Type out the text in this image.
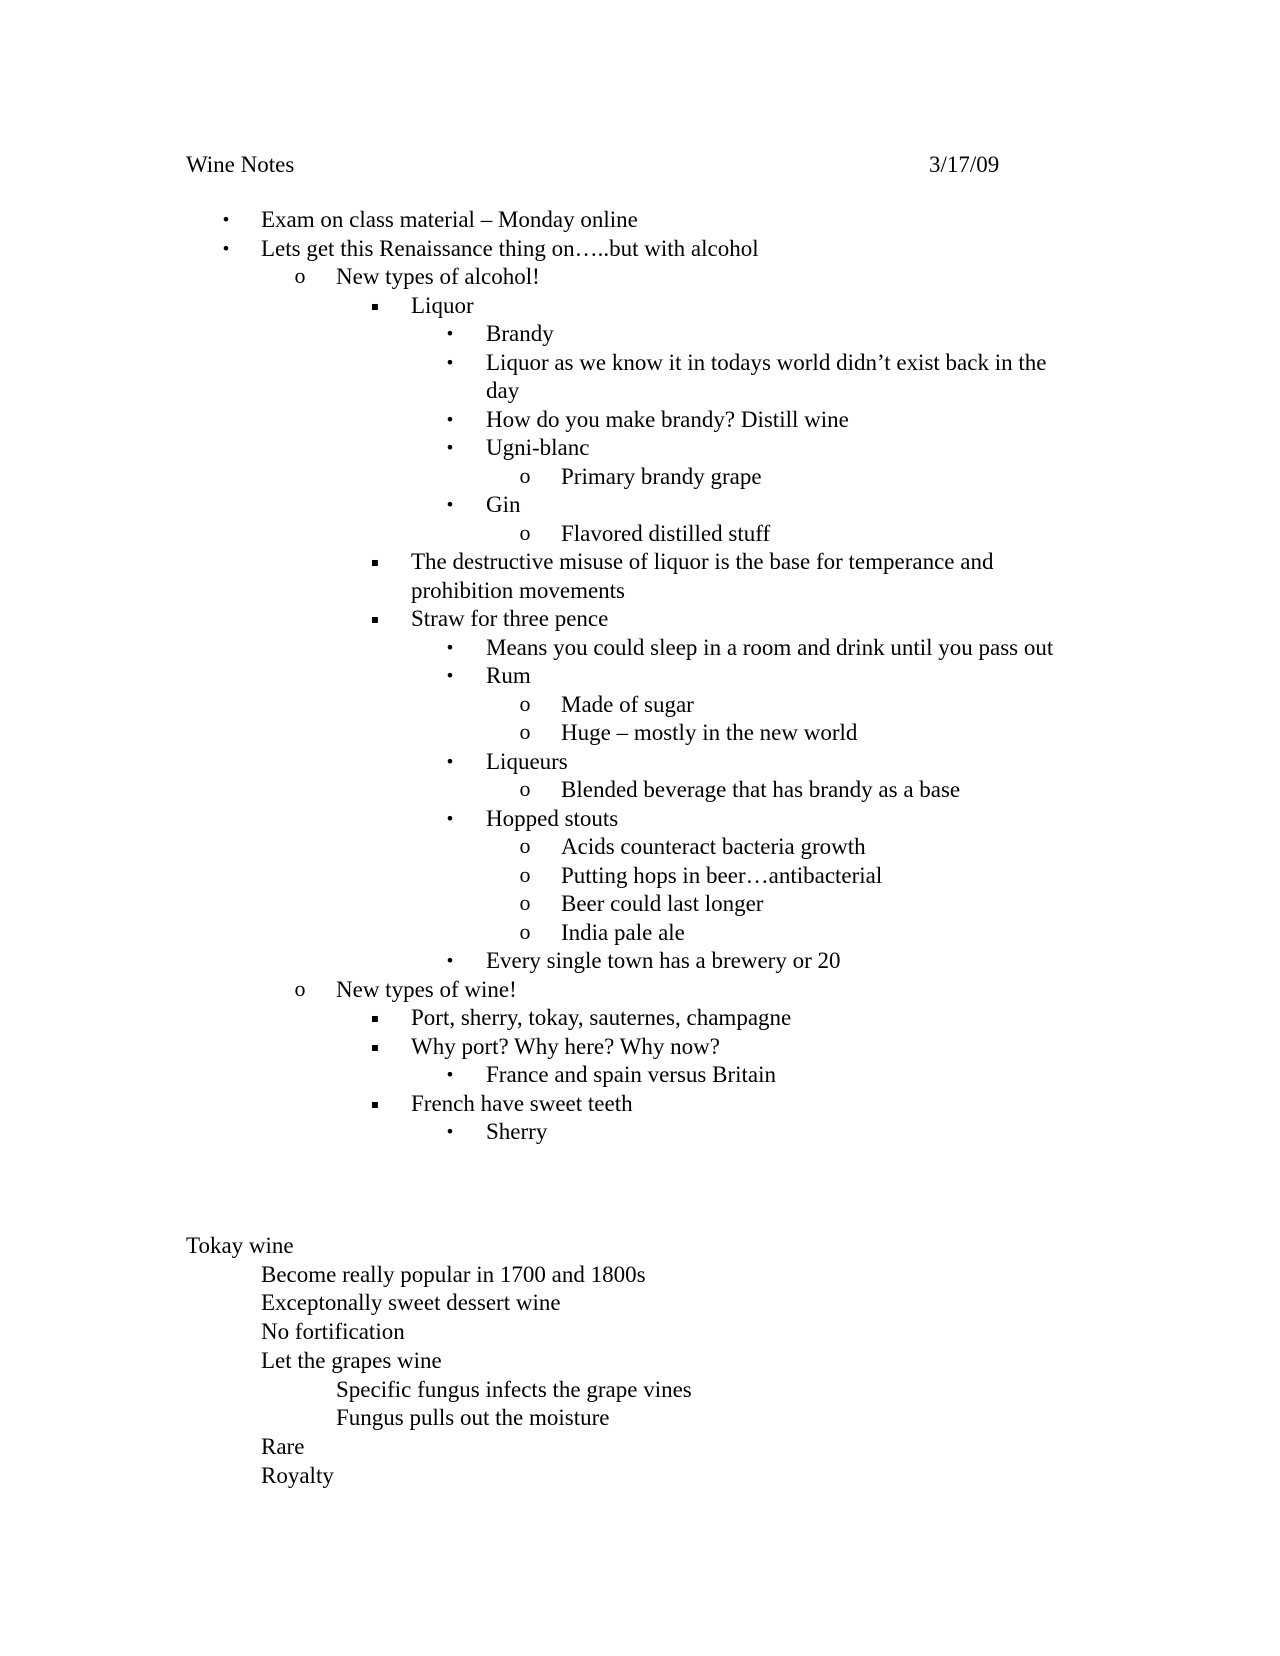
Wine Notes	3/17/09
• Exam on class material – Monday online
• Lets get this Renaissance thing on…..but with alcohol
o New types of alcohol!
▪ Liquor
• Brandy
• Liquor as we know it in todays world didn’t exist back in the day
• How do you make brandy? Distill wine
• Ugni-blanc
o Primary brandy grape
• Gin
o Flavored distilled stuff
▪ The destructive misuse of liquor is the base for temperance and prohibition movements
▪ Straw for three pence
• Means you could sleep in a room and drink until you pass out
• Rum
o Made of sugar
o Huge – mostly in the new world
• Liqueurs
o Blended beverage that has brandy as a base
• Hopped stouts
o Acids counteract bacteria growth
o Putting hops in beer…antibacterial
o Beer could last longer
o India pale ale
• Every single town has a brewery or 20
o New types of wine!
▪ Port, sherry, tokay, sauternes, champagne
▪ Why port? Why here? Why now?
• France and spain versus Britain
▪ French have sweet teeth
• Sherry
Tokay wine
Become really popular in 1700 and 1800s
Exceptonally sweet dessert wine
No fortification
Let the grapes wine
Specific fungus infects the grape vines
Fungus pulls out the moisture
Rare
Royalty
